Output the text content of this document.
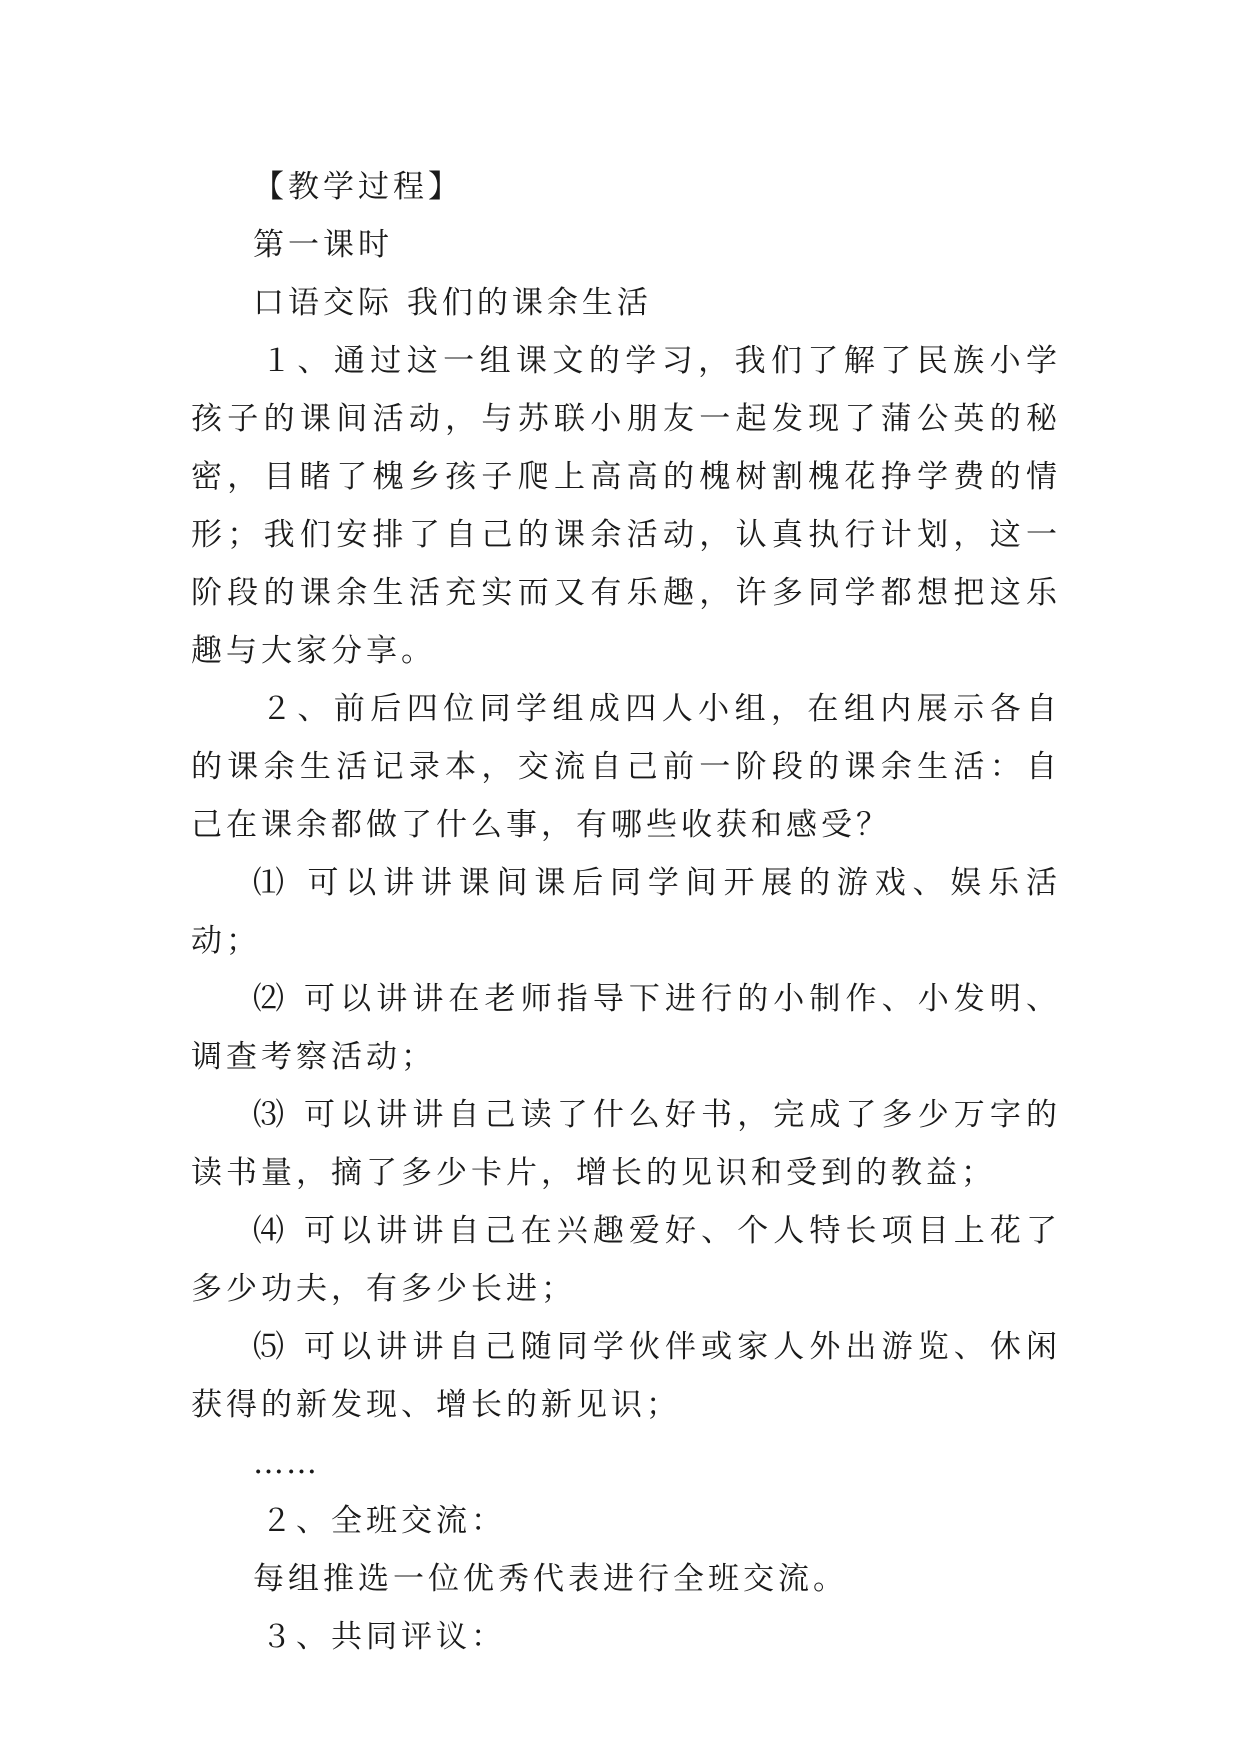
【教学过程】

第一课时

口语交际 我们的课余生活

１、通过这一组课文的学习，我们了解了民族小学孩子的课间活动，与苏联小朋友一起发现了蒲公英的秘密，目睹了槐乡孩子爬上高高的槐树割槐花挣学费的情形；我们安排了自己的课余活动，认真执行计划，这一阶段的课余生活充实而又有乐趣，许多同学都想把这乐趣与大家分享。

２、前后四位同学组成四人小组，在组内展示各自的课余生活记录本，交流自己前一阶段的课余生活：自己在课余都做了什么事，有哪些收获和感受？

⑴ 可以讲讲课间课后同学间开展的游戏、娱乐活动；

⑵ 可以讲讲在老师指导下进行的小制作、小发明、调查考察活动；

⑶ 可以讲讲自己读了什么好书，完成了多少万字的读书量，摘了多少卡片，增长的见识和受到的教益；

⑷ 可以讲讲自己在兴趣爱好、个人特长项目上花了多少功夫，有多少长进；

⑸ 可以讲讲自己随同学伙伴或家人外出游览、休闲获得的新发现、增长的新见识；

……

２、全班交流：

每组推选一位优秀代表进行全班交流。

３、共同评议：
